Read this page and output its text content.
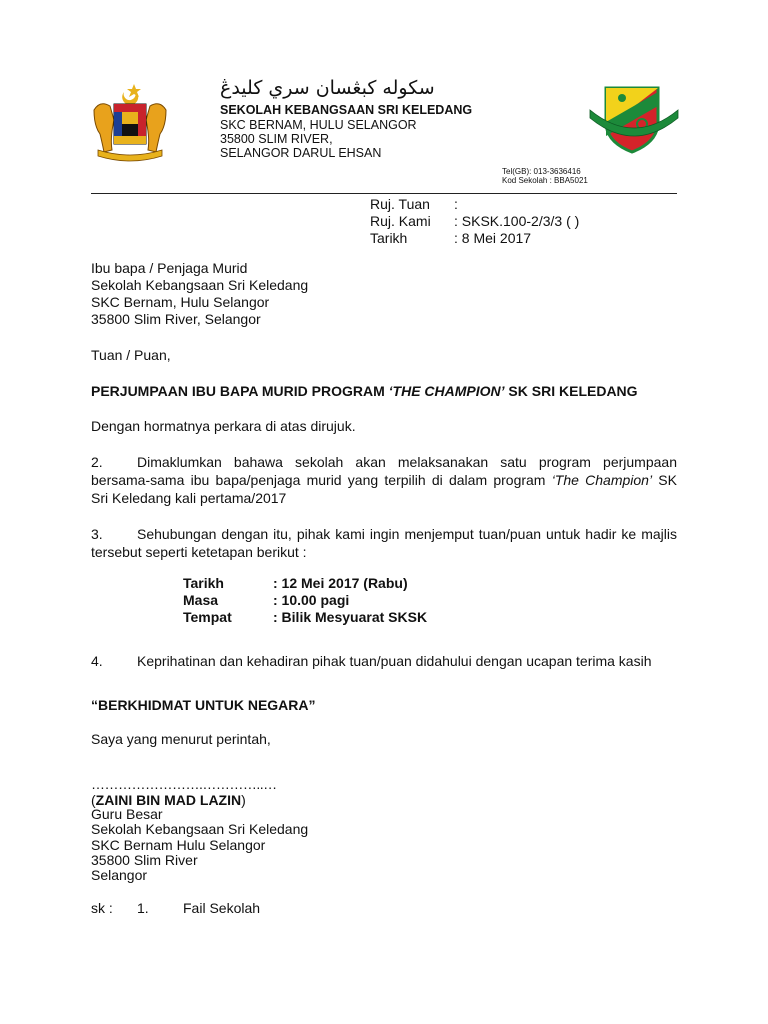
سکوله کبڠسان سري کليدڠ
SEKOLAH KEBANGSAAN SRI KELEDANG
SKC BERNAM, HULU SELANGOR
35800 SLIM RIVER,
SELANGOR DARUL EHSAN
Tel(GB): 013-3636416
Kod Sekolah : BBA5021
Ruj. Tuan	:
Ruj. Kami	: SKSK.100-2/3/3 ( )
Tarikh	: 8 Mei 2017
Ibu bapa / Penjaga Murid
Sekolah Kebangsaan Sri Keledang
SKC Bernam, Hulu Selangor
35800 Slim River, Selangor
Tuan / Puan,
PERJUMPAAN IBU BAPA MURID PROGRAM ‘THE CHAMPION’ SK SRI KELEDANG
Dengan hormatnya perkara di atas dirujuk.
2. Dimaklumkan bahawa sekolah akan melaksanakan satu program perjumpaan
bersama-sama ibu bapa/penjaga murid yang terpilih di dalam program ‘The Champion’ SK
Sri Keledang kali pertama/2017
3. Sehubungan dengan itu, pihak kami ingin menjemput tuan/puan untuk hadir ke majlis
tersebut seperti ketetapan berikut :
Tarikh	: 12 Mei 2017 (Rabu)
Masa	: 10.00 pagi
Tempat	: Bilik Mesyuarat SKSK
4. Keprihatinan dan kehadiran pihak tuan/puan didahului dengan ucapan terima kasih
“BERKHIDMAT UNTUK NEGARA”
Saya yang menurut perintah,
…………………….…………..…
(ZAINI BIN MAD LAZIN)
Guru Besar
Sekolah Kebangsaan Sri Keledang
SKC Bernam Hulu Selangor
35800 Slim River
Selangor
sk : 1. Fail Sekolah
